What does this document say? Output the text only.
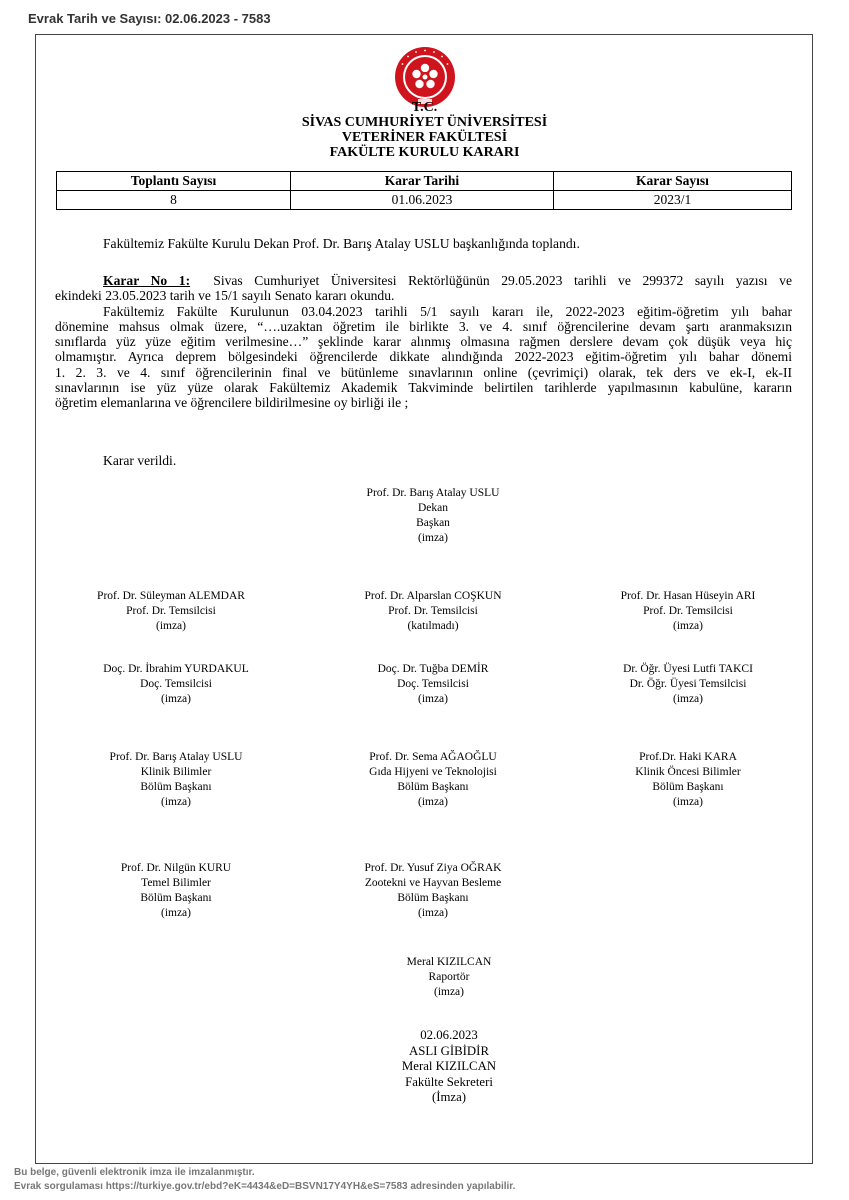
Evrak Tarih ve Sayısı: 02.06.2023 - 7583
T.C.
SİVAS CUMHURİYET ÜNİVERSİTESİ
VETERİNER FAKÜLTESİ
FAKÜLTE KURULU KARARI
Toplantı Sayısı	Karar Tarihi	Karar Sayısı
8	01.06.2023	2023/1
Fakültemiz Fakülte Kurulu Dekan Prof. Dr. Barış Atalay USLU başkanlığında toplandı.
Karar No 1: Sivas Cumhuriyet Üniversitesi Rektörlüğünün 29.05.2023 tarihli ve 299372 sayılı yazısı ve
ekindeki 23.05.2023 tarih ve 15/1 sayılı Senato kararı okundu.
Fakültemiz Fakülte Kurulunun 03.04.2023 tarihli 5/1 sayılı kararı ile, 2022-2023 eğitim-öğretim yılı bahar
dönemine mahsus olmak üzere, “….uzaktan öğretim ile birlikte 3. ve 4. sınıf öğrencilerine devam şartı aranmaksızın
sınıflarda yüz yüze eğitim verilmesine…” şeklinde karar alınmış olmasına rağmen derslere devam çok düşük veya hiç
olmamıştır. Ayrıca deprem bölgesindeki öğrencilerde dikkate alındığında 2022-2023 eğitim-öğretim yılı bahar dönemi
1. 2. 3. ve 4. sınıf öğrencilerinin final ve bütünleme sınavlarının online (çevrimiçi) olarak, tek ders ve ek-I, ek-II
sınavlarının ise yüz yüze olarak Fakültemiz Akademik Takviminde belirtilen tarihlerde yapılmasının kabulüne, kararın
öğretim elemanlarına ve öğrencilere bildirilmesine oy birliği ile ;
Karar verildi.
Prof. Dr. Barış Atalay USLU
Dekan
Başkan
(imza)
Prof. Dr. Süleyman ALEMDAR
Prof. Dr. Temsilcisi
(imza)
Prof. Dr. Alparslan COŞKUN
Prof. Dr. Temsilcisi
(katılmadı)
Prof. Dr. Hasan Hüseyin ARI
Prof. Dr. Temsilcisi
(imza)
Doç. Dr. İbrahim YURDAKUL
Doç. Temsilcisi
(imza)
Doç. Dr. Tuğba DEMİR
Doç. Temsilcisi
(imza)
Dr. Öğr. Üyesi Lutfi TAKCI
Dr. Öğr. Üyesi Temsilcisi
(imza)
Prof. Dr. Barış Atalay USLU
Klinik Bilimler
Bölüm Başkanı
(imza)
Prof. Dr. Sema AĞAOĞLU
Gıda Hijyeni ve Teknolojisi
Bölüm Başkanı
(imza)
Prof.Dr. Haki KARA
Klinik Öncesi Bilimler
Bölüm Başkanı
(imza)
Prof. Dr. Nilgün KURU
Temel Bilimler
Bölüm Başkanı
(imza)
Prof. Dr. Yusuf Ziya OĞRAK
Zootekni ve Hayvan Besleme
Bölüm Başkanı
(imza)
Meral KIZILCAN
Raportör
(imza)
02.06.2023
ASLI GİBİDİR
Meral KIZILCAN
Fakülte Sekreteri
(İmza)
Bu belge, güvenli elektronik imza ile imzalanmıştır.
Evrak sorgulaması https://turkiye.gov.tr/ebd?eK=4434&eD=BSVN17Y4YH&eS=7583 adresinden yapılabilir.
